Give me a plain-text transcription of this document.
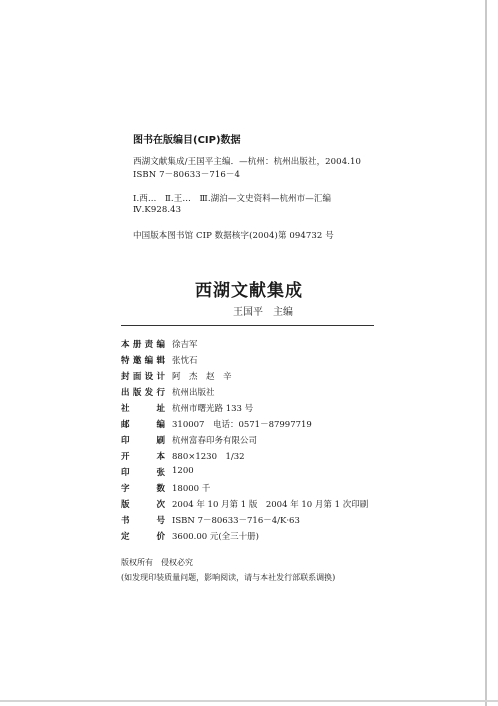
图书在版编目(CIP)数据
西湖文献集成/王国平主编．—杭州：杭州出版社，2004.10
ISBN 7－80633－716－4
Ⅰ.西…　Ⅱ.王…　Ⅲ.湖泊—文史资料—杭州市—汇编
Ⅳ.K928.43
中国版本图书馆 CIP 数据核字(2004)第 094732 号
西湖文献集成
王国平　主编
本册责编 徐吉军
特邀编辑 张忱石
封面设计 阿　杰　赵　辛
出版发行 杭州出版社
社址 杭州市曙光路 133 号
邮编 310007　电话：0571－87997719
印刷 杭州富春印务有限公司
开本 880×1230　1/32
印张 1200
字数 18000 千
版次 2004 年 10 月第 1 版　2004 年 10 月第 1 次印刷
书号 ISBN 7－80633－716－4/K·63
定价 3600.00 元(全三十册)
版权所有　侵权必究
(如发现印装质量问题，影响阅读，请与本社发行部联系调换)
